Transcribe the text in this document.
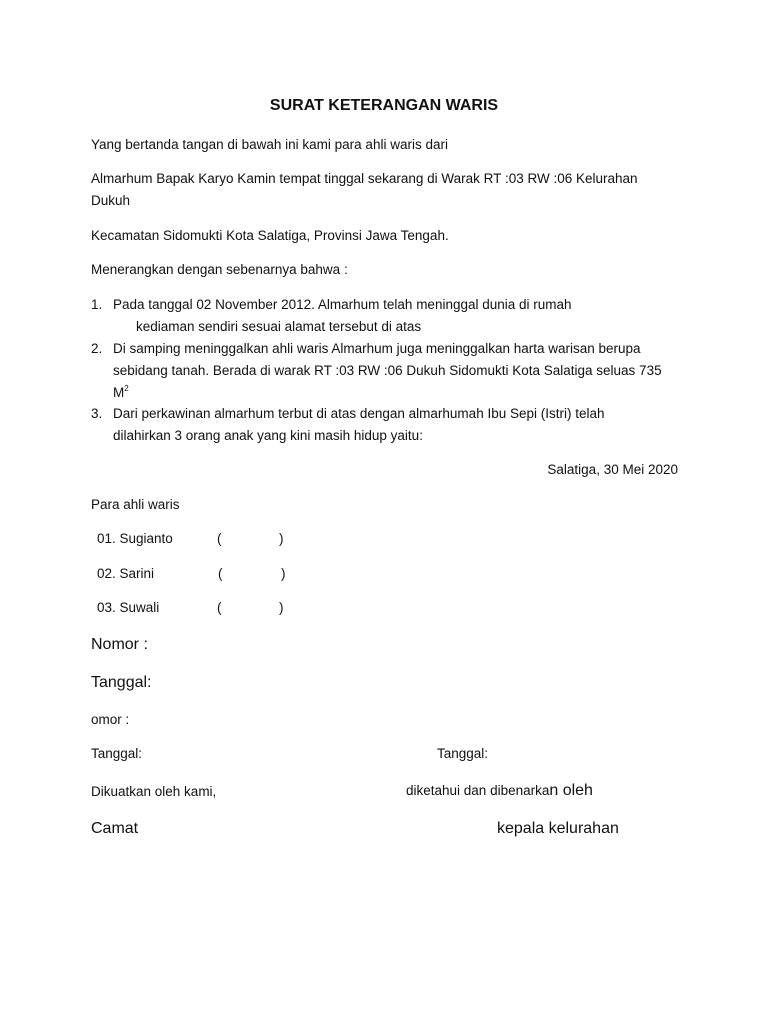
SURAT KETERANGAN WARIS
Yang bertanda tangan di bawah ini kami para ahli waris dari
Almarhum Bapak Karyo Kamin tempat tinggal sekarang di Warak RT :03 RW :06 Kelurahan
Dukuh
Kecamatan Sidomukti Kota Salatiga, Provinsi Jawa Tengah.
Menerangkan dengan sebenarnya bahwa :
1. Pada tanggal 02 November 2012. Almarhum telah meninggal dunia di rumah
kediaman sendiri sesuai alamat tersebut di atas
2. Di samping meninggalkan ahli waris Almarhum juga meninggalkan harta warisan berupa
sebidang tanah. Berada di warak RT :03 RW :06 Dukuh Sidomukti Kota Salatiga seluas 735
$M^2$
3. Dari perkawinan almarhum terbut di atas dengan almarhumah Ibu Sepi (Istri) telah
dilahirkan 3 orang anak yang kini masih hidup yaitu:
Salatiga, 30 Mei 2020
Para ahli waris
01. Sugianto	(	)
02. Sarini	(	)
03. Suwali	(	)
Nomor :
Tanggal:
omor :
Tanggal:	Tanggal:
Dikuatkan oleh kami,	diketahui dan dibenarkan oleh
Camat	kepala kelurahan
